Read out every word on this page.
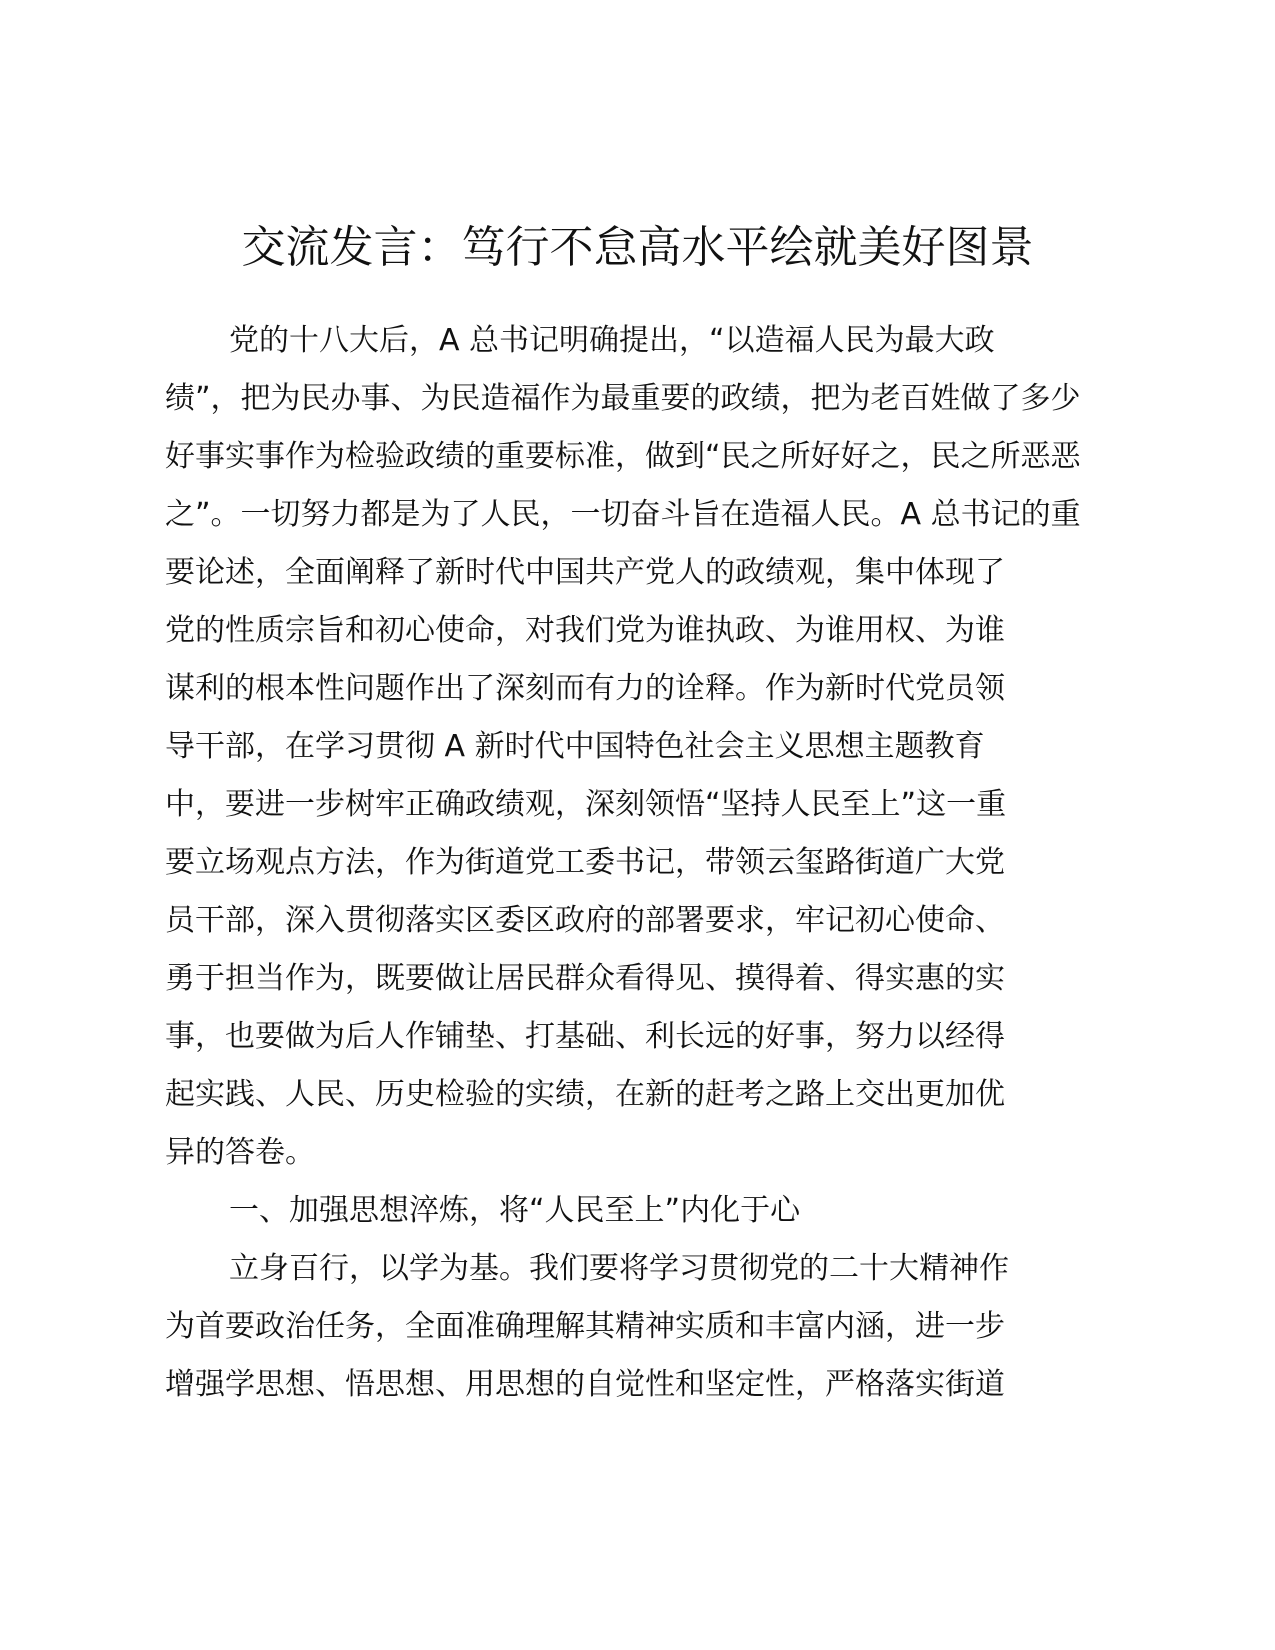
交流发言：笃行不怠高水平绘就美好图景
党的十八大后，A 总书记明确提出，“以造福人民为最大政
绩”，把为民办事、为民造福作为最重要的政绩，把为老百姓做了多少
好事实事作为检验政绩的重要标准，做到“民之所好好之，民之所恶恶
之”。一切努力都是为了人民，一切奋斗旨在造福人民。A 总书记的重
要论述，全面阐释了新时代中国共产党人的政绩观，集中体现了
党的性质宗旨和初心使命，对我们党为谁执政、为谁用权、为谁
谋利的根本性问题作出了深刻而有力的诠释。作为新时代党员领
导干部，在学习贯彻 A 新时代中国特色社会主义思想主题教育
中，要进一步树牢正确政绩观，深刻领悟“坚持人民至上”这一重
要立场观点方法，作为街道党工委书记，带领云玺路街道广大党
员干部，深入贯彻落实区委区政府的部署要求，牢记初心使命、
勇于担当作为，既要做让居民群众看得见、摸得着、得实惠的实
事，也要做为后人作铺垫、打基础、利长远的好事，努力以经得
起实践、人民、历史检验的实绩，在新的赶考之路上交出更加优
异的答卷。
一、加强思想淬炼，将“人民至上”内化于心
立身百行，以学为基。我们要将学习贯彻党的二十大精神作
为首要政治任务，全面准确理解其精神实质和丰富内涵，进一步
增强学思想、悟思想、用思想的自觉性和坚定性，严格落实街道
